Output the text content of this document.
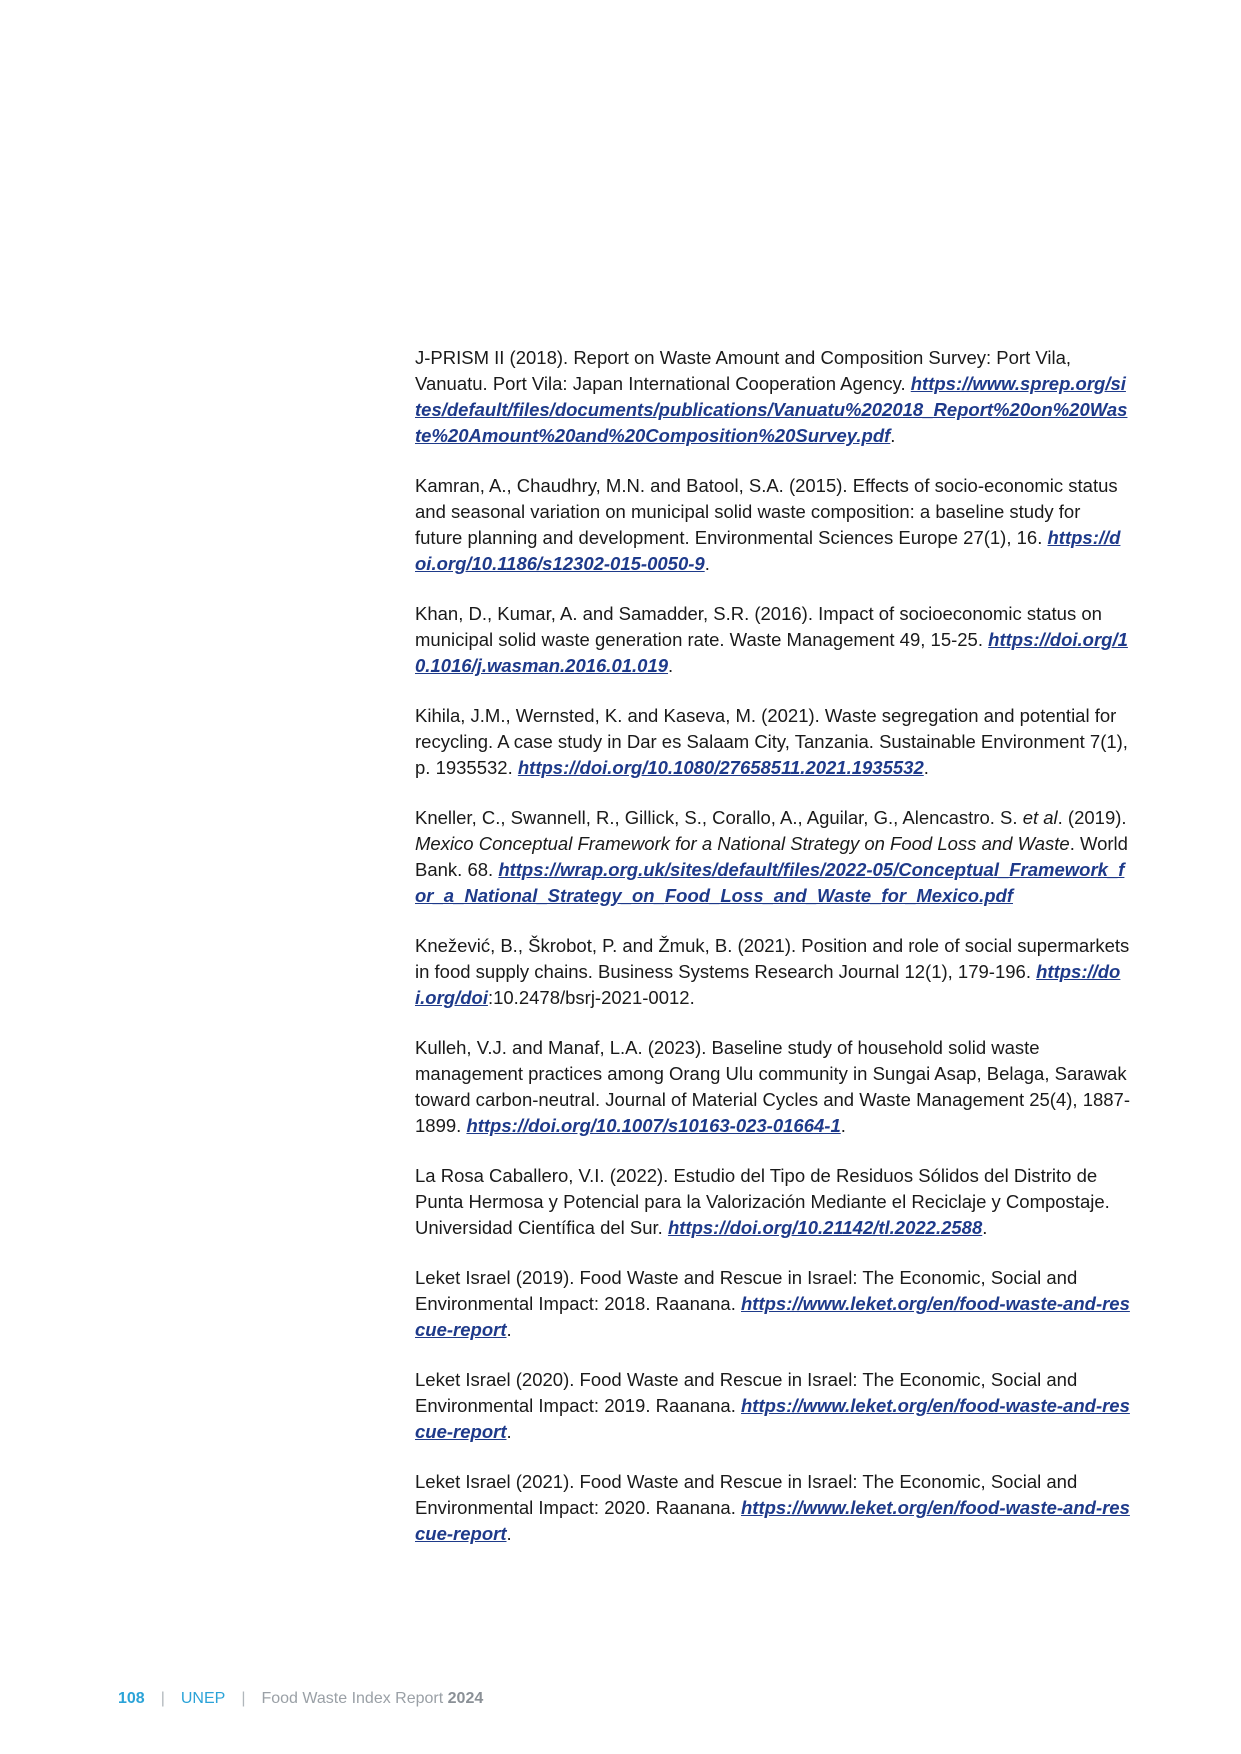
J-PRISM II (2018). Report on Waste Amount and Composition Survey: Port Vila, Vanuatu. Port Vila: Japan International Cooperation Agency. https://www.sprep.org/sites/default/files/documents/publications/Vanuatu%202018_Report%20on%20Waste%20Amount%20and%20Composition%20Survey.pdf.

Kamran, A., Chaudhry, M.N. and Batool, S.A. (2015). Effects of socio-economic status and seasonal variation on municipal solid waste composition: a baseline study for future planning and development. Environmental Sciences Europe 27(1), 16. https://doi.org/10.1186/s12302-015-0050-9.

Khan, D., Kumar, A. and Samadder, S.R. (2016). Impact of socioeconomic status on municipal solid waste generation rate. Waste Management 49, 15-25. https://doi.org/10.1016/j.wasman.2016.01.019.

Kihila, J.M., Wernsted, K. and Kaseva, M. (2021). Waste segregation and potential for recycling. A case study in Dar es Salaam City, Tanzania. Sustainable Environment 7(1), p. 1935532. https://doi.org/10.1080/27658511.2021.1935532.

Kneller, C., Swannell, R., Gillick, S., Corallo, A., Aguilar, G., Alencastro. S. et al. (2019). Mexico Conceptual Framework for a National Strategy on Food Loss and Waste. World Bank. 68. https://wrap.org.uk/sites/default/files/2022-05/Conceptual_Framework_for_a_National_Strategy_on_Food_Loss_and_Waste_for_Mexico.pdf

Knežević, B., Škrobot, P. and Žmuk, B. (2021). Position and role of social supermarkets in food supply chains. Business Systems Research Journal 12(1), 179-196. https://doi.org/doi:10.2478/bsrj-2021-0012.

Kulleh, V.J. and Manaf, L.A. (2023). Baseline study of household solid waste management practices among Orang Ulu community in Sungai Asap, Belaga, Sarawak toward carbon-neutral. Journal of Material Cycles and Waste Management 25(4), 1887-1899. https://doi.org/10.1007/s10163-023-01664-1.

La Rosa Caballero, V.I. (2022). Estudio del Tipo de Residuos Sólidos del Distrito de Punta Hermosa y Potencial para la Valorización Mediante el Reciclaje y Compostaje. Universidad Científica del Sur. https://doi.org/10.21142/tl.2022.2588.

Leket Israel (2019). Food Waste and Rescue in Israel: The Economic, Social and Environmental Impact: 2018. Raanana. https://www.leket.org/en/food-waste-and-rescue-report.

Leket Israel (2020). Food Waste and Rescue in Israel: The Economic, Social and Environmental Impact: 2019. Raanana. https://www.leket.org/en/food-waste-and-rescue-report.

Leket Israel (2021). Food Waste and Rescue in Israel: The Economic, Social and Environmental Impact: 2020. Raanana. https://www.leket.org/en/food-waste-and-rescue-report.

108 | UNEP | Food Waste Index Report 2024
